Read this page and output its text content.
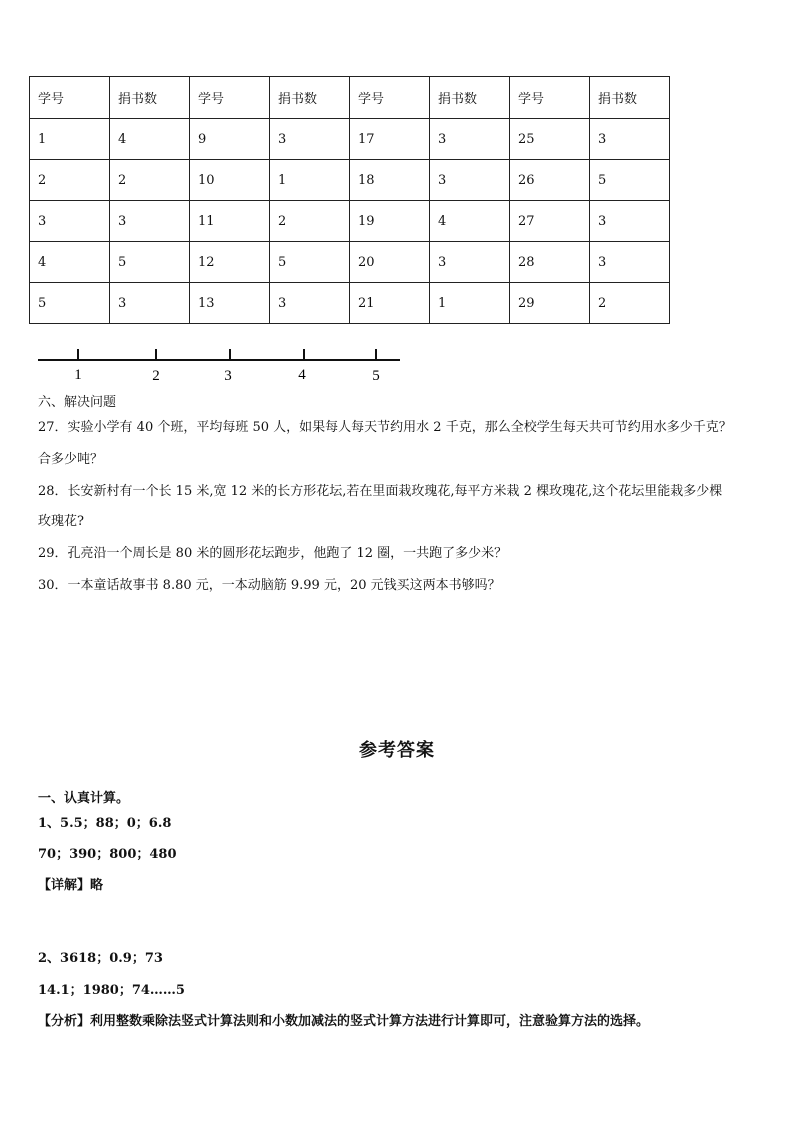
学号	捐书数	学号	捐书数	学号	捐书数	学号	捐书数
1	4	9	3	17	3	25	3
2	2	10	1	18	3	26	5
3	3	11	2	19	4	27	3
4	5	12	5	20	3	28	3
5	3	13	3	21	1	29	2
1	2	3	4	5
六、解决问题
27．实验小学有 40 个班，平均每班 50 人，如果每人每天节约用水 2 千克，那么全校学生每天共可节约用水多少千克？
合多少吨？
28．长安新村有一个长 15 米,宽 12 米的长方形花坛,若在里面栽玫瑰花,每平方米栽 2 棵玫瑰花,这个花坛里能栽多少棵
玫瑰花?
29．孔亮沿一个周长是 80 米的圆形花坛跑步，他跑了 12 圈，一共跑了多少米？
30．一本童话故事书 8.80 元，一本动脑筋 9.99 元，20 元钱买这两本书够吗？
参考答案
一、认真计算。
1、5.5；88；0；6.8
70；390；800；480
【详解】略
2、3618；0.9；73
14.1；1980；74……5
【分析】利用整数乘除法竖式计算法则和小数加减法的竖式计算方法进行计算即可，注意验算方法的选择。
